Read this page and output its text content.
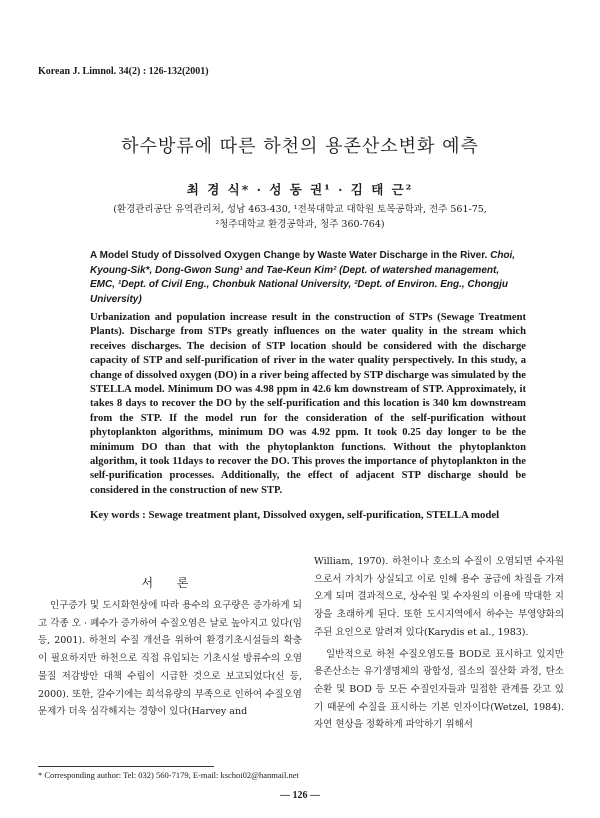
Korean J. Limnol. 34(2) : 126-132(2001)
하수방류에 따른 하천의 용존산소변화 예측
최 경 식* · 성 동 권¹ · 김 태 근²
(환경관리공단 유역관리처, 성남 463-430, ¹전북대학교 대학원 토목공학과, 전주 561-75,
²청주대학교 환경공학과, 청주 360-764)
A Model Study of Dissolved Oxygen Change by Waste Water Discharge in the River. Choi, Kyoung-Sik*, Dong-Gwon Sung¹ and Tae-Keun Kim² (Dept. of watershed management, EMC, ¹Dept. of Civil Eng., Chonbuk National University, ²Dept. of Environ. Eng., Chongju University)

Urbanization and population increase result in the construction of STPs (Sewage Treatment Plants). Discharge from STPs greatly influences on the water quality in the stream which receives discharges. The decision of STP location should be considered with the discharge capacity of STP and self-purification of river in the water quality perspectively. In this study, a change of dissolved oxygen (DO) in a river being affected by STP discharge was simulated by the STELLA model. Minimum DO was 4.98 ppm in 42.6 km downstream of STP. Approximately, it takes 8 days to recover the DO by the self-purification and this location is 340 km downstream from the STP. If the model run for the consideration of the self-purification without phytoplankton algorithms, minimum DO was 4.92 ppm. It took 0.25 day longer to be the minimum DO than that with the phytoplankton functions. Without the phytoplankton algorithm, it took 11days to recover the DO. This proves the importance of phytoplankton in the self-purification processes. Additionally, the effect of adjacent STP discharge should be considered in the construction of new STP.

Key words : Sewage treatment plant, Dissolved oxygen, self-purification, STELLA model
서 론

인구증가 및 도시화현상에 따라 용수의 요구량은 증가하게 되고 각종 오 · 폐수가 증가하여 수질오염은 날로 높아지고 있다(임 등, 2001). 하천의 수질 개선을 위하여 환경기초시설들의 확충이 필요하지만 하천으로 직접 유입되는 기초시설 방류수의 오염물질 저감방안 대책 수립이 시급한 것으로 보고되었다(신 등, 2000). 또한, 갈수기에는 희석유량의 부족으로 인하여 수질오염 문제가 더욱 심각해지는 경향이 있다(Harvey and

William, 1970). 하천이나 호소의 수질이 오염되면 수자원으로서 가치가 상실되고 이로 인해 용수 공급에 차질을 가져오게 되며 결과적으로, 상수원 및 수자원의 이용에 막대한 지장을 초래하게 된다. 또한 도시지역에서 하수는 부영양화의 주된 요인으로 알려져 있다(Karydis et al., 1983).

일반적으로 하천 수질오염도를 BOD로 표시하고 있지만 용존산소는 유기생명체의 광합성, 질소의 질산화 과정, 탄소 순환 및 BOD 등 모든 수질인자들과 밀접한 관계를 갖고 있기 때문에 수질을 표시하는 기본 인자이다(Wetzel, 1984). 자연 현상을 정확하게 파악하기 위해서

* Corresponding author: Tel: 032) 560-7179, E-mail: kschoi02@hanmail.net
— 126 —
